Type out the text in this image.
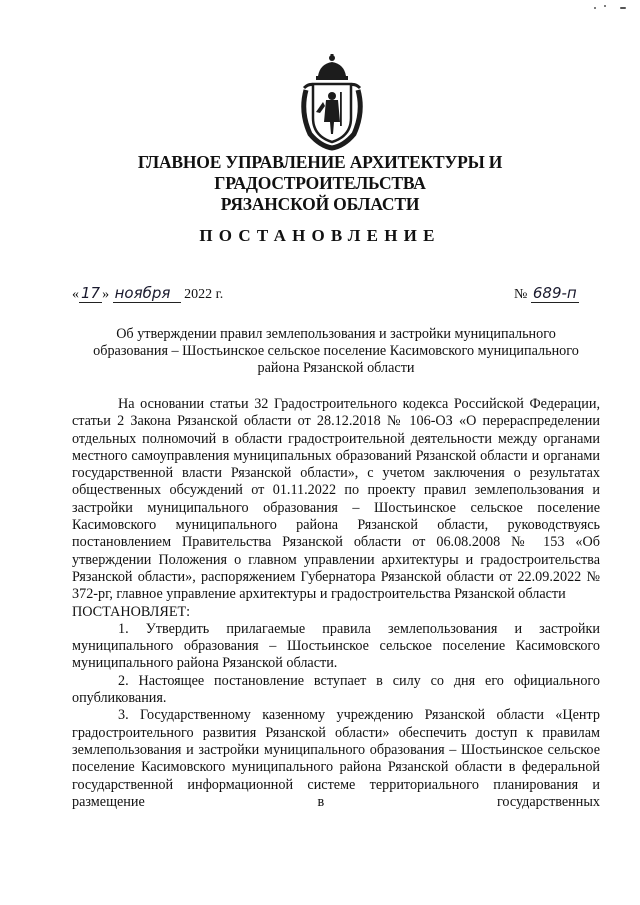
ГЛАВНОЕ УПРАВЛЕНИЕ АРХИТЕКТУРЫ И ГРАДОСТРОИТЕЛЬСТВА
РЯЗАНСКОЙ ОБЛАСТИ
ПОСТАНОВЛЕНИЕ
« 17 » ноября 2022 г.	№ 689-п
Об утверждении правил землепользования и застройки муниципального
образования – Шостьинское сельское поселение Касимовского муниципального
района Рязанской области

На основании статьи 32 Градостроительного кодекса Российской Федерации, статьи 2 Закона Рязанской области от 28.12.2018 № 106-ОЗ «О перераспределении отдельных полномочий в области градостроительной деятельности между органами местного самоуправления муниципальных образований Рязанской области и органами государственной власти Рязанской области», с учетом заключения о результатах общественных обсуждений от 01.11.2022 по проекту правил землепользования и застройки муниципального образования – Шостьинское сельское поселение Касимовского муниципального района Рязанской области, руководствуясь постановлением Правительства Рязанской области от 06.08.2008 № 153 «Об утверждении Положения о главном управлении архитектуры и градостроительства Рязанской области», распоряжением Губернатора Рязанской области от 22.09.2022 № 372-рг, главное управление архитектуры и градостроительства Рязанской области

ПОСТАНОВЛЯЕТ:

1. Утвердить прилагаемые правила землепользования и застройки муниципального образования – Шостьинское сельское поселение Касимовского муниципального района Рязанской области.

2. Настоящее постановление вступает в силу со дня его официального опубликования.

3. Государственному казенному учреждению Рязанской области «Центр градостроительного развития Рязанской области» обеспечить доступ к правилам землепользования и застройки муниципального образования – Шостьинское сельское поселение Касимовского муниципального района Рязанской области в федеральной государственной информационной системе территориального планирования и размещение в государственных
